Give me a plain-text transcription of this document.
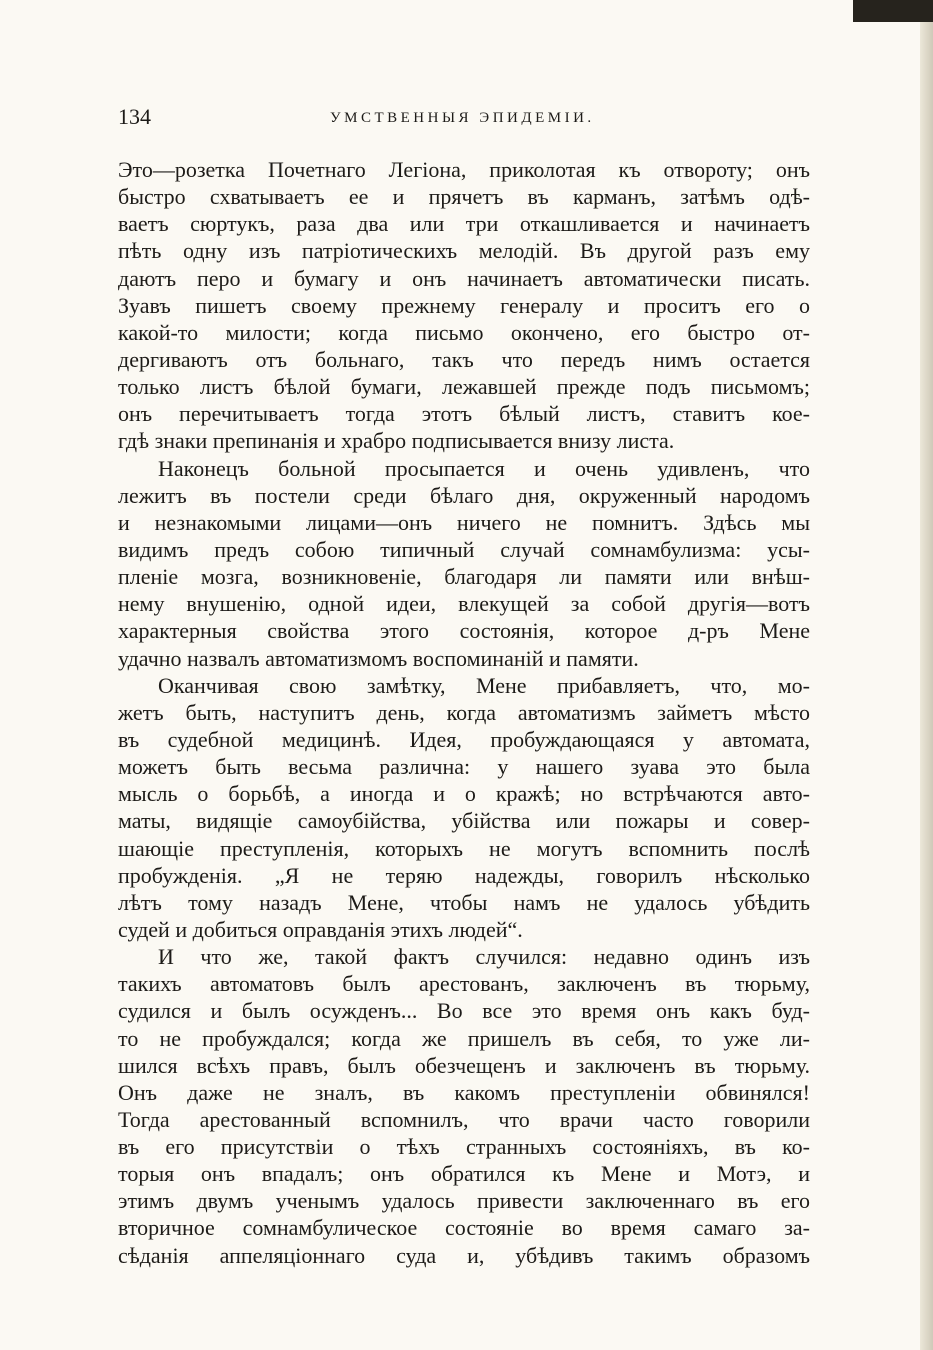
134	УМСТВЕННЫЯ ЭПИДЕМІИ.
Это—розетка Почетнаго Легіона, приколотая къ отвороту; онъ
быстро схватываетъ ее и прячетъ въ карманъ, затѣмъ одѣ-
ваетъ сюртукъ, раза два или три откашливается и начинаетъ
пѣть одну изъ патріотическихъ мелодій. Въ другой разъ ему
даютъ перо и бумагу и онъ начинаетъ автоматически писать.
Зуавъ пишетъ своему прежнему генералу и проситъ его о
какой-то милости; когда письмо окончено, его быстро от-
дергиваютъ отъ больнаго, такъ что передъ нимъ остается
только листъ бѣлой бумаги, лежавшей прежде подъ письмомъ;
онъ перечитываетъ тогда этотъ бѣлый листъ, ставитъ кое-
гдѣ знаки препинанія и храбро подписывается внизу листа.
Наконецъ больной просыпается и очень удивленъ, что
лежитъ въ постели среди бѣлаго дня, окруженный народомъ
и незнакомыми лицами—онъ ничего не помнитъ. Здѣсь мы
видимъ предъ собою типичный случай сомнамбулизма: усы-
пленіе мозга, возникновеніе, благодаря ли памяти или внѣш-
нему внушенію, одной идеи, влекущей за собой другія—вотъ
характерныя свойства этого состоянія, которое д-ръ Мене
удачно назвалъ автоматизмомъ воспоминаній и памяти.
Оканчивая свою замѣтку, Мене прибавляетъ, что, мо-
жетъ быть, наступитъ день, когда автоматизмъ займетъ мѣсто
въ судебной медицинѣ. Идея, пробуждающаяся у автомата,
можетъ быть весьма различна: у нашего зуава это была
мысль о борьбѣ, а иногда и о кражѣ; но встрѣчаются авто-
маты, видящіе самоубійства, убійства или пожары и совер-
шающіе преступленія, которыхъ не могутъ вспомнить послѣ
пробужденія. „Я не теряю надежды, говорилъ нѣсколько
лѣтъ тому назадъ Мене, чтобы намъ не удалось убѣдить
судей и добиться оправданія этихъ людей“.
И что же, такой фактъ случился: недавно одинъ изъ
такихъ автоматовъ былъ арестованъ, заключенъ въ тюрьму,
судился и былъ осужденъ... Во все это время онъ какъ буд-
то не пробуждался; когда же пришелъ въ себя, то уже ли-
шился всѣхъ правъ, былъ обезчещенъ и заключенъ въ тюрьму.
Онъ даже не зналъ, въ какомъ преступленіи обвинялся!
Тогда арестованный вспомнилъ, что врачи часто говорили
въ его присутствіи о тѣхъ странныхъ состояніяхъ, въ ко-
торыя онъ впадалъ; онъ обратился къ Мене и Мотэ, и
этимъ двумъ ученымъ удалось привести заключеннаго въ его
вторичное сомнамбулическое состояніе во время самаго за-
сѣданія аппеляціоннаго суда и, убѣдивъ такимъ образомъ
